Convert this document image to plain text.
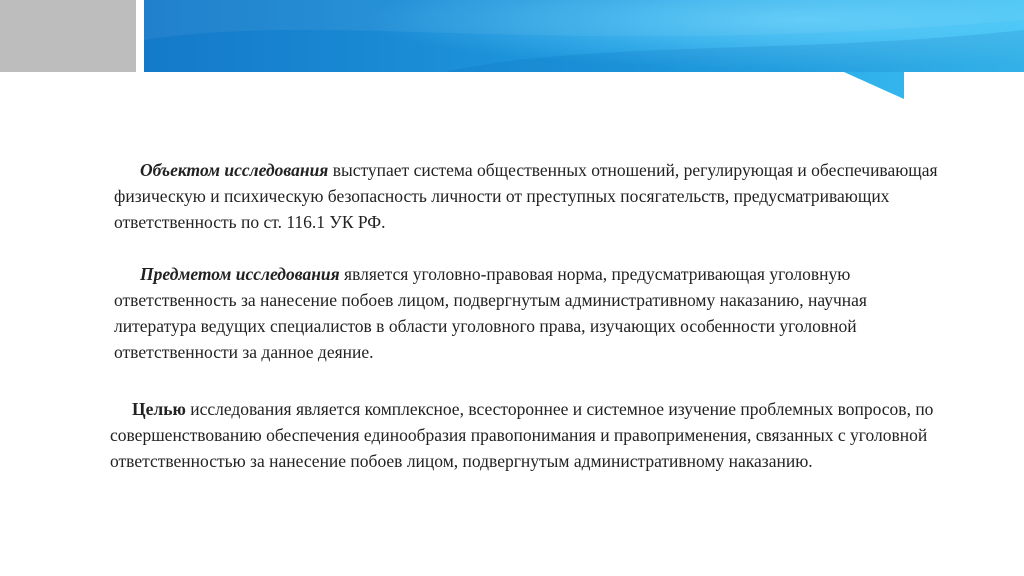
Объектом исследования выступает система общественных отношений, регулирующая и обеспечивающая физическую и психическую безопасность личности от преступных посягательств, предусматривающих ответственность по ст. 116.1 УК РФ.

Предметом исследования является уголовно-правовая норма, предусматривающая уголовную ответственность за нанесение побоев лицом, подвергнутым административному наказанию, научная литература ведущих специалистов в области уголовного права, изучающих особенности уголовной ответственности за данное деяние.

Целью исследования является комплексное, всестороннее и системное изучение проблемных вопросов, по совершенствованию обеспечения единообразия правопонимания и правоприменения, связанных с уголовной ответственностью за нанесение побоев лицом, подвергнутым административному наказанию.
